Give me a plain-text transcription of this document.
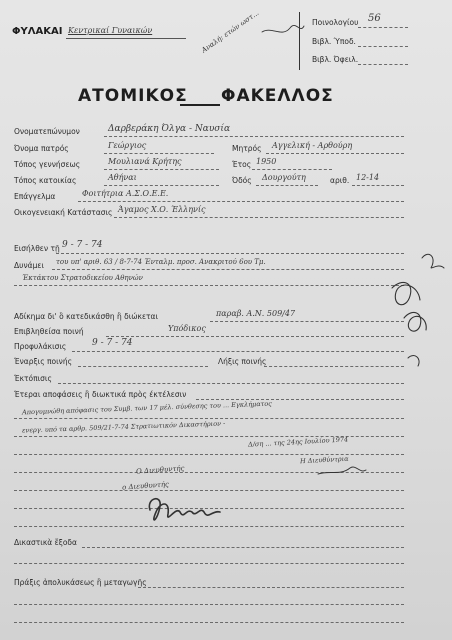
ΦΥΛΑΚΑΙ Κεντρικαί Γυναικών
Ποινολογίου 56
Βιβλ. Ύποδ.
Βιβλ. Όφειλ.
Αναλή: ετών ωστ...
ΑΤΟΜΙΚΟΣ ΦΑΚΕΛΛΟΣ
Ονοματεπώνυμον	Δαρβεράκη Όλγα - Ναυσία
Όνομα πατρός	Γεώργιος	Μητρός Αγγελική - Αρθούρη
Τόπος γεννήσεως	Μουλιανά Κρήτης	Έτος 1950
Τόπος κατοικίας	Αθήναι	Όδός Δουργούτη	αριθ. 12-14
Επάγγελμα	Φοιτήτρια Α.Σ.Ο.Ε.Ε.
Οικογενειακή Κατάστασις Άγαμος Χ.Ο. Έλληνίς
Εισήλθεν τῇ 9 - 7 - 74
Δυνάμει του υπ' αριθ. 63 / 8-7-74 Ένταλμ. προσ. Ανακριτού 6ου Τμ.
Έκτάκτου Στρατοδικείου Αθηνών
Αδίκημα δι' ὃ κατεδικάσθη ἢ διώκεται	παραβ. Α.Ν. 509/47
Επιβληθείσα ποινή	Υπόδικος
Προφυλάκισις	9 - 7 - 74
Έναρξις ποινής	Λήξις ποινής
Έκτόπισις
Έτεραι αποφάσεις ἢ διωκτικά πρὸς έκτέλεσιν
Απογυμνώθη απόφασις του Συμβ. των 17 μέλ. σύνθεσης του ... Εγκλήματος
ενεργ. υπό τα αρθρ. 509/21-7-74 Στρατιωτικόν Δικαστήριον -
Δ/ση ... της 24ης Ιουλίου 1974
Η Διευθύντρια
Ο Διευθυντής
ο Διευθυντής
Δικαστικὰ ἔξοδα
Πράξις ἀπολυκάσεως ἢ μεταγωγῆς
